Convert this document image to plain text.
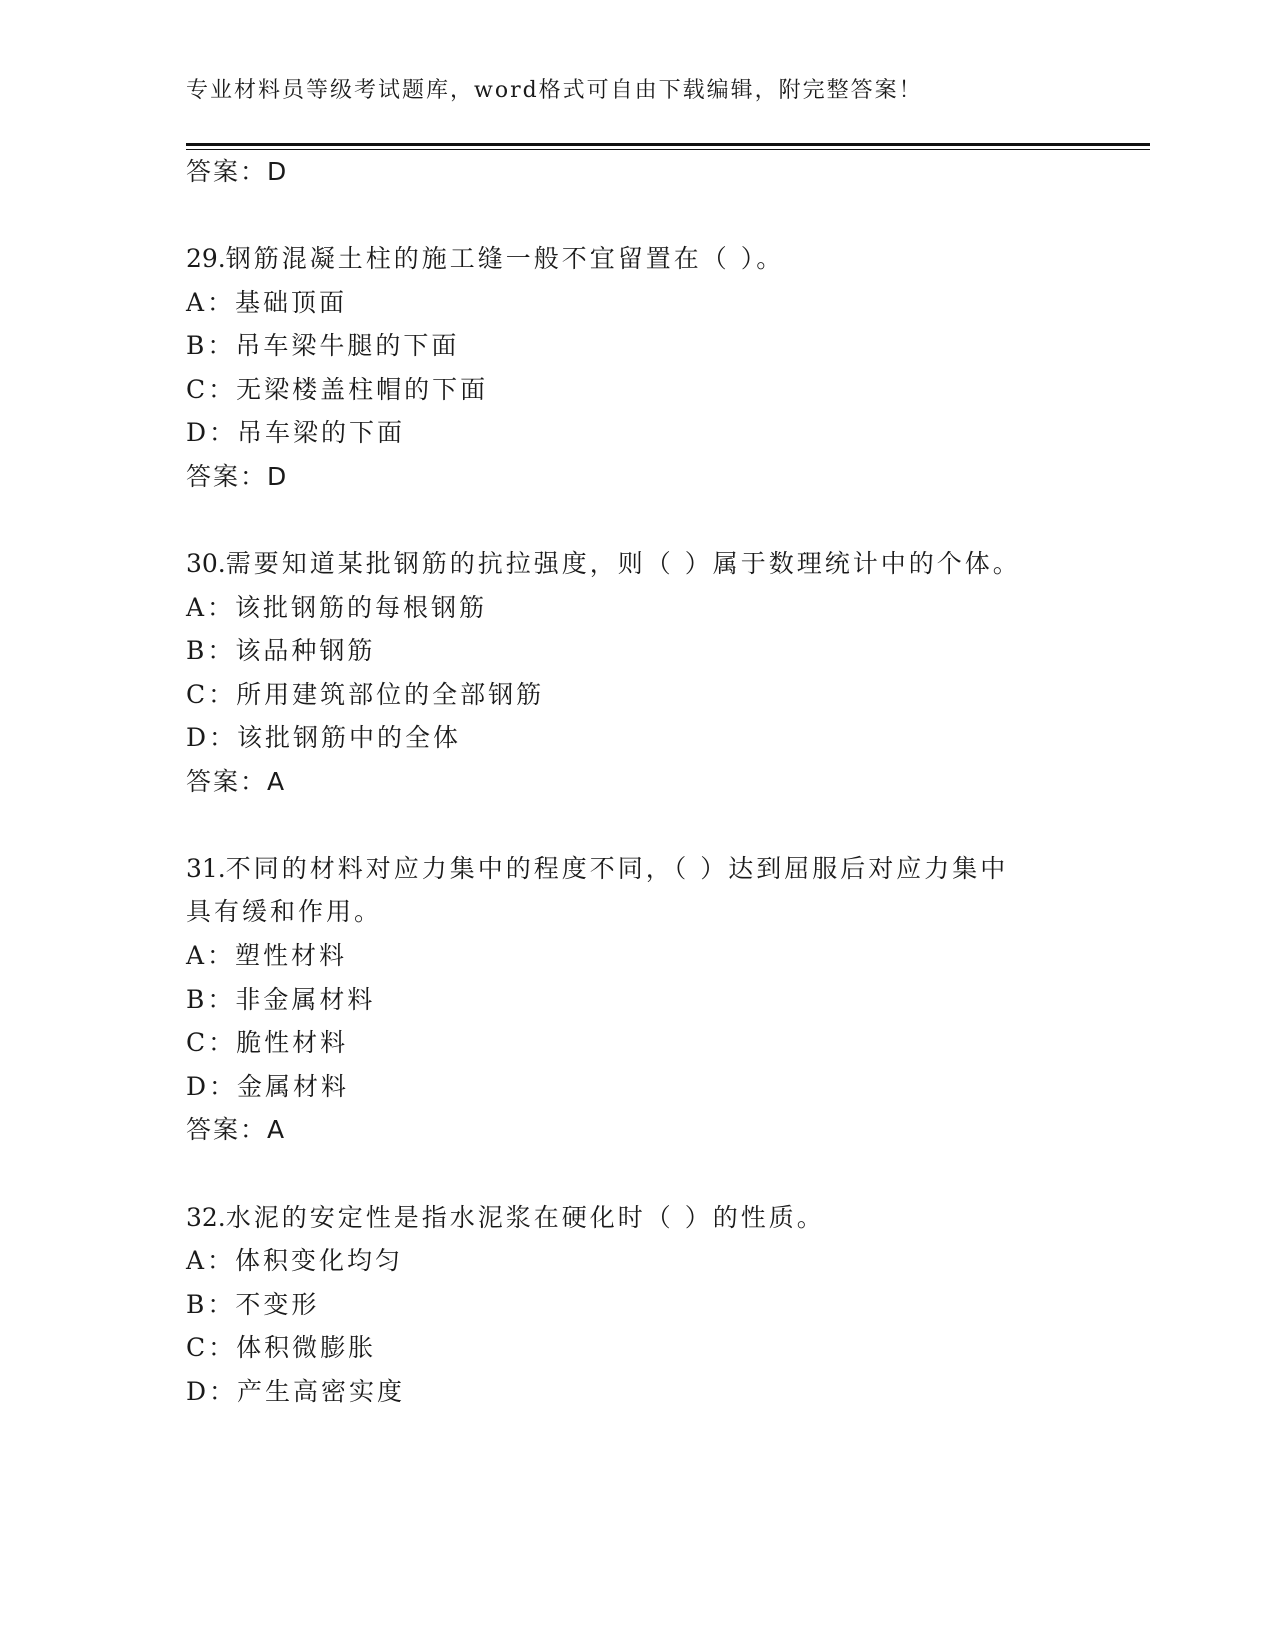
专业材料员等级考试题库，word格式可自由下载编辑，附完整答案！
答案：D
29.钢筋混凝土柱的施工缝一般不宜留置在（ ）。
A：基础顶面
B：吊车梁牛腿的下面
C：无梁楼盖柱帽的下面
D：吊车梁的下面
答案：D
30.需要知道某批钢筋的抗拉强度，则（ ）属于数理统计中的个体。
A：该批钢筋的每根钢筋
B：该品种钢筋
C：所用建筑部位的全部钢筋
D：该批钢筋中的全体
答案：A
31.不同的材料对应力集中的程度不同，（ ）达到屈服后对应力集中
具有缓和作用。
A：塑性材料
B：非金属材料
C：脆性材料
D：金属材料
答案：A
32.水泥的安定性是指水泥浆在硬化时（ ）的性质。
A：体积变化均匀
B：不变形
C：体积微膨胀
D：产生高密实度
